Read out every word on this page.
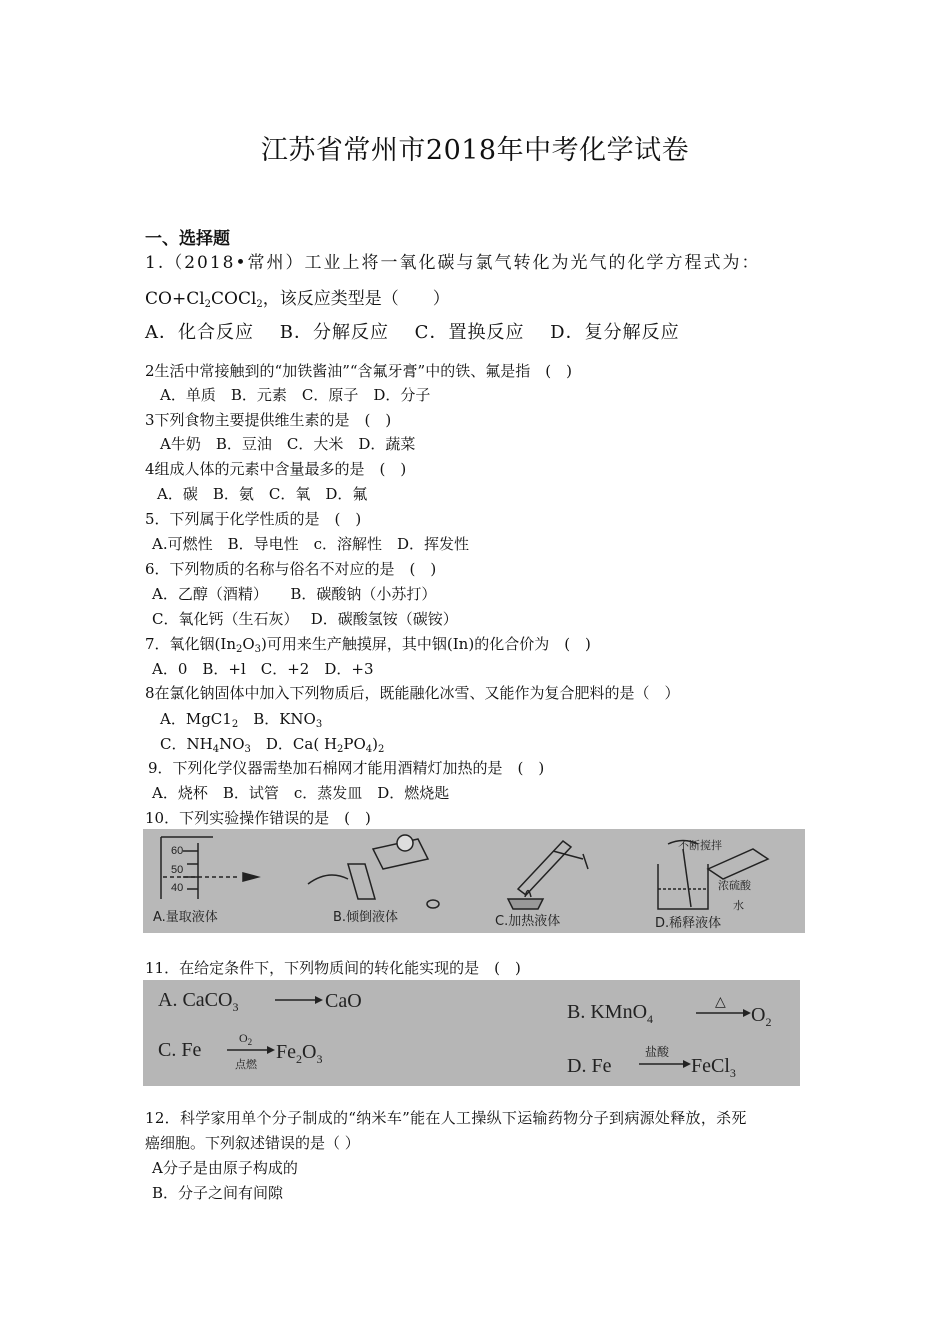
江苏省常州市2018年中考化学试卷
一、选择题
1.（2018•常州）工业上将一氧化碳与氯气转化为光气的化学方程式为：
$CO+Cl_2COCl_2$，该反应类型是（　　）
A．化合反应　 B．分解反应　 C．置换反应　 D．复分解反应
2生活中常接触到的“加铁酱油”“含氟牙膏”中的铁、氟是指　(　)
A．单质　B．元素　C．原子　D．分子
3下列食物主要提供维生素的是　(　)
A牛奶　B．豆油　C．大米　D．蔬菜
4组成人体的元素中含量最多的是　(　)
A．碳　B．氨　C．氧　D．氟
5．下列属于化学性质的是　(　)
A.可燃性　B．导电性　c．溶解性　D．挥发性
6．下列物质的名称与俗名不对应的是　(　)
A．乙醇（酒精）　　B．碳酸钠（小苏打）
C．氧化钙（生石灰）　 D．碳酸氢铵（碳铵）
7．氧化铟$(In_2O_3)$可用来生产触摸屏，其中铟(In)的化合价为　(　)
A．0　B．+l　C．+2　D．+3
8在氯化钠固体中加入下列物质后，既能融化冰雪、又能作为复合肥料的是（　）
A．$MgC1_2$　B．$KNO_3$
C．$NH_4NO_3$　D．Ca( $H_2PO_4)_2$
9．下列化学仪器需垫加石棉网才能用酒精灯加热的是　(　)
A．烧杯　B．试管　c．蒸发皿　D．燃烧匙
10．下列实验操作错误的是　(　)
60
50
40
A.量取液体	B.倾倒液体	C.加热液体
不断搅拌
浓硫酸
水
D.稀释液体
11．在给定条件下，下列物质间的转化能实现的是　(　)
A. CaCO$_3$	CaO	B. KMnO$_4$
△
$O_2$
C. Fe
$O_2$
点燃
$Fe_2O_3$	D. Fe
盐酸
FeCl$_3$
12．科学家用单个分子制成的“纳米车”能在人工操纵下运输药物分子到病源处释放，杀死
癌细胞。下列叙述错误的是（ ）
A分子是由原子构成的
B．分子之间有间隙
